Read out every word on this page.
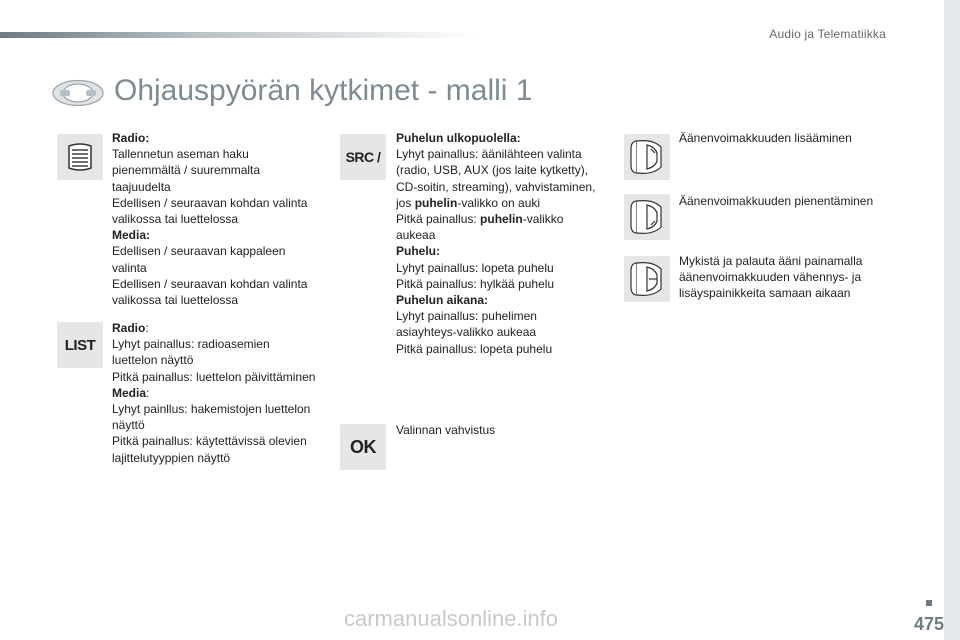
Audio ja Telematiikka
Ohjauspyörän kytkimet - malli 1
LIST
Radio:
Tallennetun aseman haku
pienemmältä / suuremmalta
taajuudelta
Edellisen / seuraavan kohdan valinta
valikossa tai luettelossa
Media:
Edellisen / seuraavan kappaleen
valinta
Edellisen / seuraavan kohdan valinta
valikossa tai luettelossa
Radio:
Lyhyt painallus: radioasemien
luettelon näyttö
Pitkä painallus: luettelon päivittäminen
Media:
Lyhyt painllus: hakemistojen luettelon
näyttö
Pitkä painallus: käytettävissä olevien
lajittelutyyppien näyttö
SRC /
OK
Puhelun ulkopuolella:
Lyhyt painallus: äänilähteen valinta
(radio, USB, AUX (jos laite kytketty),
CD-soitin, streaming), vahvistaminen,
jos puhelin-valikko on auki
Pitkä painallus: puhelin-valikko
aukeaa
Puhelu:
Lyhyt painallus: lopeta puhelu
Pitkä painallus: hylkää puhelu
Puhelun aikana:
Lyhyt painallus: puhelimen
asiayhteys-valikko aukeaa
Pitkä painallus: lopeta puhelu
Valinnan vahvistus
Äänenvoimakkuuden lisääminen
Äänenvoimakkuuden pienentäminen
Mykistä ja palauta ääni painamalla
äänenvoimakkuuden vähennys- ja
lisäyspainikkeita samaan aikaan
carmanualsonline.info	475
